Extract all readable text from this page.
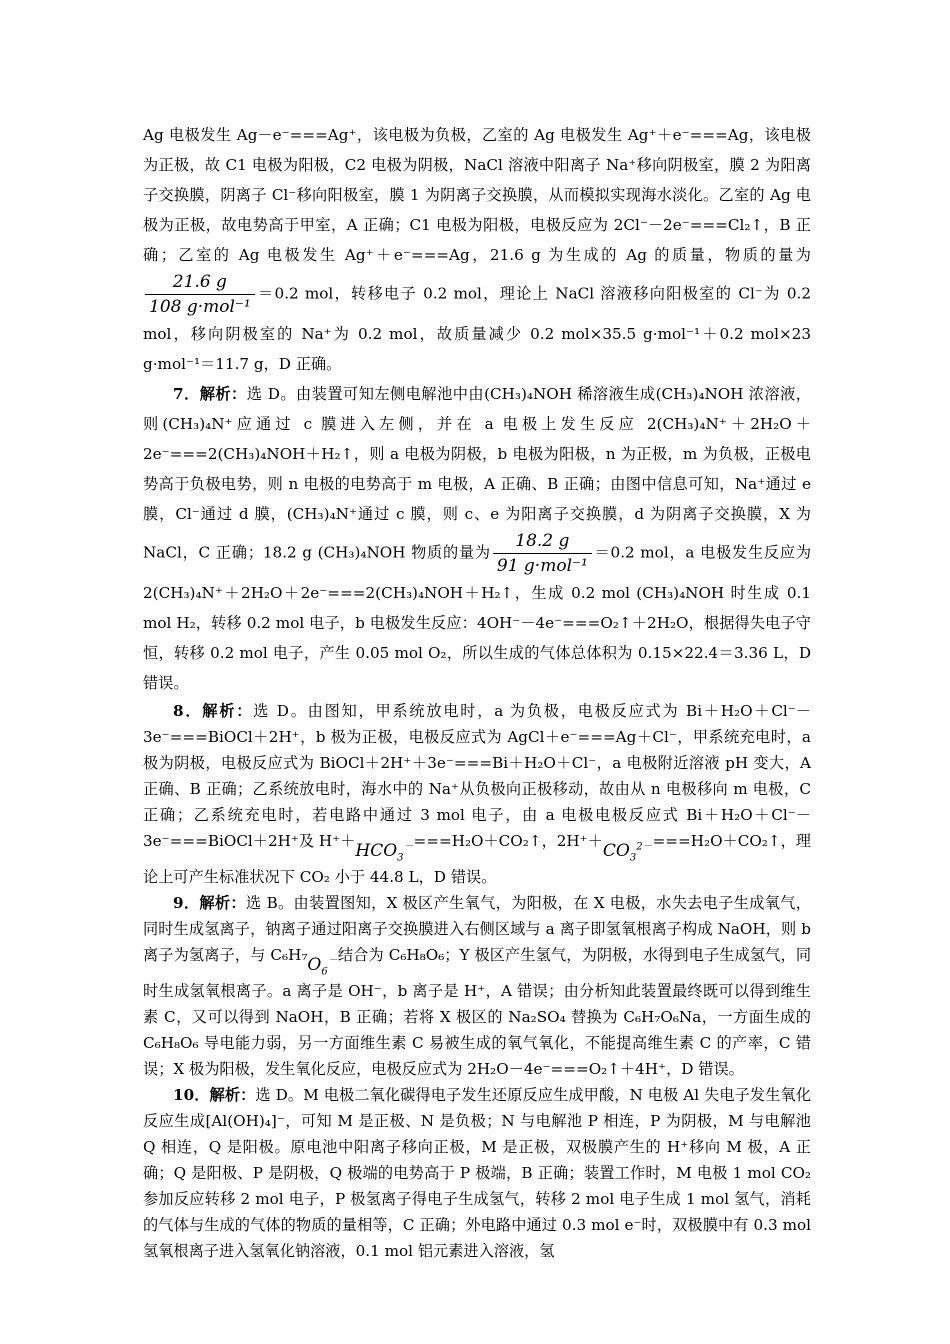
Ag 电极发生 Ag－e⁻===Ag⁺，该电极为负极，乙室的 Ag 电极发生 Ag⁺＋e⁻===Ag，该电极为正极，故 C1 电极为阳极，C2 电极为阴极，NaCl 溶液中阳离子 Na⁺移向阴极室，膜 2 为阳离子交换膜，阴离子 Cl⁻移向阳极室，膜 1 为阴离子交换膜，从而模拟实现海水淡化。乙室的 Ag 电极为正极，故电势高于甲室，A 正确；C1 电极为阳极，电极反应为 2Cl⁻－2e⁻===Cl₂↑，B 正确；乙室的 Ag 电极发生 Ag⁺＋e⁻===Ag，21.6 g 为生成的 Ag 的质量，物质的量为
$\frac{21.6 g}{\text{108 g·mol⁻¹}} =0.2$ mol，转移电子 0.2 mol，理论上 NaCl 溶液移向阳极室的 Cl⁻为 0.2 mol，移向阴极室的 Na⁺为 0.2 mol，故质量减少 0.2 mol×35.5 g·mol⁻¹＋0.2 mol×23 g·mol⁻¹＝11.7 g，D 正确。

7．解析：选 D。由装置可知左侧电解池中由(CH₃)₄NOH 稀溶液生成(CH₃)₄NOH 浓溶液，则(CH₃)₄N⁺应通过 c 膜进入左侧，并在 a 电极上发生反应 2(CH₃)₄N⁺＋2H₂O＋2e⁻===2(CH₃)₄NOH＋H₂↑，则 a 电极为阴极，b 电极为阳极，n 为正极，m 为负极，正极电势高于负极电势，则 n 电极的电势高于 m 电极，A 正确、B 正确；由图中信息可知，Na⁺通过 e 膜，Cl⁻通过 d 膜，(CH₃)₄N⁺通过 c 膜，则 c、e 为阳离子交换膜，d 为阴离子交换膜，X 为 NaCl，C 正确；18.2 g (CH₃)₄NOH 物质的量为 $\frac{18.2 g}{\text{91 g·mol⁻¹}} =0.2$ mol，a 电极发生反应为 2(CH₃)₄N⁺＋2H₂O＋2e⁻===2(CH₃)₄NOH＋H₂↑，生成 0.2 mol (CH₃)₄NOH 时生成 0.1 mol H₂，转移 0.2 mol 电子，b 电极发生反应：4OH⁻－4e⁻===O₂↑＋2H₂O，根据得失电子守恒，转移 0.2 mol 电子，产生 0.05 mol O₂，所以生成的气体总体积为 0.15×22.4＝3.36 L，D 错误。

8．解析：选 D。由图知，甲系统放电时，a 为负极，电极反应式为 Bi＋H₂O＋Cl⁻－3e⁻===BiOCl＋2H⁺，b 极为正极，电极反应式为 AgCl＋e⁻===Ag＋Cl⁻，甲系统充电时，a 极为阴极，电极反应式为 BiOCl＋2H⁺＋3e⁻===Bi＋H₂O＋Cl⁻，a 电极附近溶液 pH 变大，A 正确、B 正确；乙系统放电时，海水中的 Na⁺从负极向正极移动，故由从 n 电极移向 m 电极，C 正确；乙系统充电时，若电路中通过 3 mol 电子，由 a 电极电极反应式 Bi＋H₂O＋Cl⁻－3e⁻===BiOCl＋2H⁺及 $H^++HCO_3^-===H_2O+CO_2↑$，$2H^++CO_3^{2-}===H_2O+CO_2↑$，理论上可产生标准状况下 CO₂ 小于 44.8 L，D 错误。

9．解析：选 B。由装置图知，X 极区产生氧气，为阳极，在 X 电极，水失去电子生成氧气，同时生成氢离子，钠离子通过阳离子交换膜进入右侧区域与 a 离子即氢氧根离子构成 NaOH，则 b 离子为氢离子，与 $C_6H_7O_6^-$结合为 C₆H₈O₆；Y 极区产生氢气，为阴极，水得到电子生成氢气，同时生成氢氧根离子。a 离子是 OH⁻，b 离子是 H⁺，A 错误；由分析知此装置最终既可以得到维生素 C，又可以得到 NaOH，B 正确；若将 X 极区的 Na₂SO₄ 替换为 C₆H₇O₆Na，一方面生成的 C₆H₈O₆ 导电能力弱，另一方面维生素 C 易被生成的氧气氧化，不能提高维生素 C 的产率，C 错误；X 极为阳极，发生氧化反应，电极反应式为 2H₂O－4e⁻===O₂↑＋4H⁺，D 错误。

10．解析：选 D。M 电极二氧化碳得电子发生还原反应生成甲酸，N 电极 Al 失电子发生氧化反应生成[Al(OH)₄]⁻，可知 M 是正极、N 是负极；N 与电解池 P 相连，P 为阴极，M 与电解池 Q 相连，Q 是阳极。原电池中阳离子移向正极，M 是正极，双极膜产生的 H⁺移向 M 极，A 正确；Q 是阳极、P 是阴极，Q 极端的电势高于 P 极端，B 正确；装置工作时，M 电极 1 mol CO₂ 参加反应转移 2 mol 电子，P 极氢离子得电子生成氢气，转移 2 mol 电子生成 1 mol 氢气，消耗的气体与生成的气体的物质的量相等，C 正确；外电路中通过 0.3 mol e⁻时，双极膜中有 0.3 mol 氢氧根离子进入氢氧化钠溶液，0.1 mol 铝元素进入溶液，氢
